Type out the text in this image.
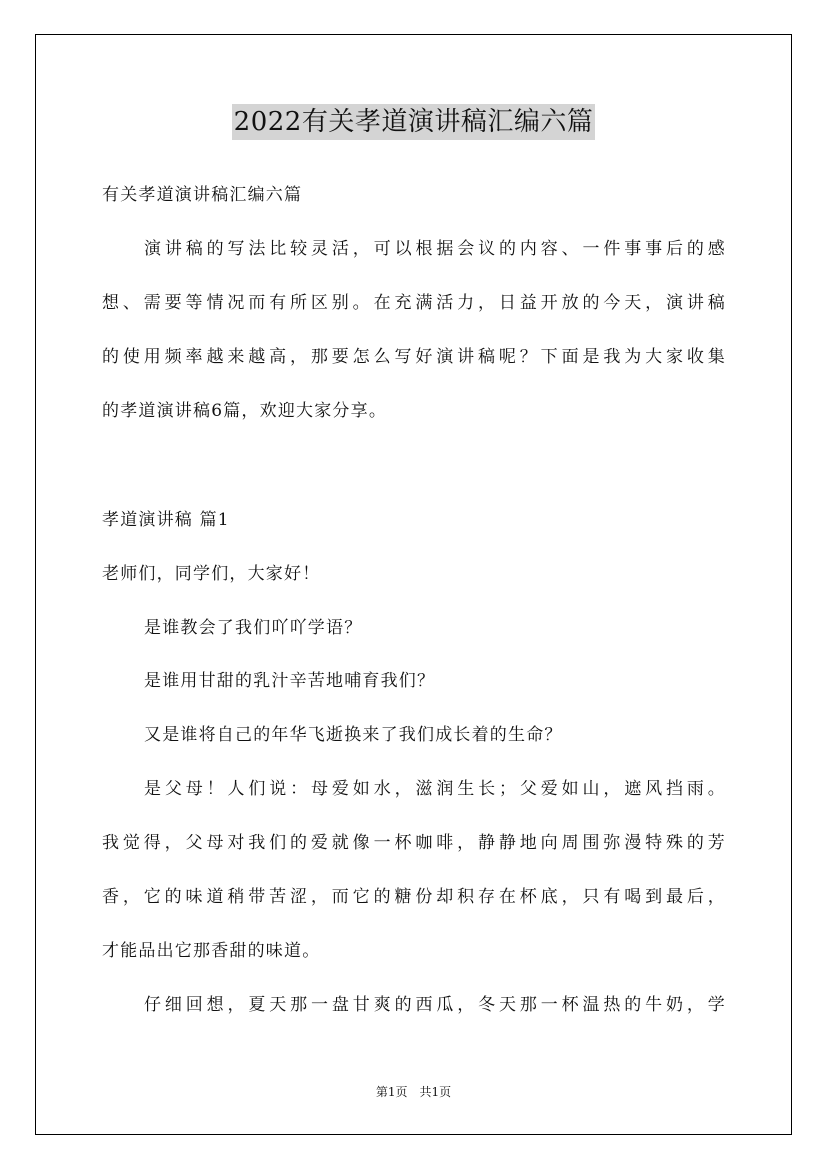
2022有关孝道演讲稿汇编六篇
有关孝道演讲稿汇编六篇
演讲稿的写法比较灵活，可以根据会议的内容、一件事事后的感
想、需要等情况而有所区别。在充满活力，日益开放的今天，演讲稿
的使用频率越来越高，那要怎么写好演讲稿呢？下面是我为大家收集
的孝道演讲稿6篇，欢迎大家分享。
孝道演讲稿 篇1
老师们，同学们，大家好！
是谁教会了我们吖吖学语？
是谁用甘甜的乳汁辛苦地哺育我们？
又是谁将自己的年华飞逝换来了我们成长着的生命？
是父母！人们说：母爱如水，滋润生长；父爱如山，遮风挡雨。
我觉得，父母对我们的爱就像一杯咖啡，静静地向周围弥漫特殊的芳
香，它的味道稍带苦涩，而它的糖份却积存在杯底，只有喝到最后，
才能品出它那香甜的味道。
仔细回想，夏天那一盘甘爽的西瓜，冬天那一杯温热的牛奶，学
第1页 共1页
